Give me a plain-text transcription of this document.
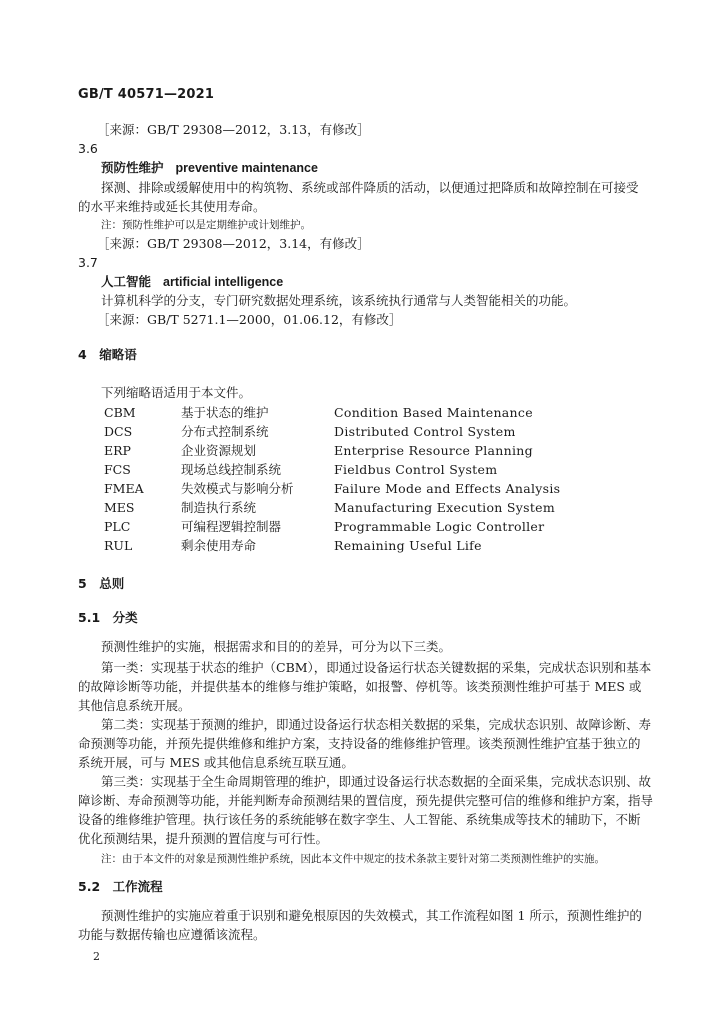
GB/T 40571—2021
［来源：GB/T 29308—2012，3.13，有修改］
3.6
预防性维护 preventive maintenance
探测、排除或缓解使用中的构筑物、系统或部件降质的活动，以便通过把降质和故障控制在可接受
的水平来维持或延长其使用寿命。
注：预防性维护可以是定期维护或计划维护。
［来源：GB/T 29308—2012，3.14，有修改］
3.7
人工智能 artificial intelligence
计算机科学的分支，专门研究数据处理系统，该系统执行通常与人类智能相关的功能。
［来源：GB/T 5271.1—2000，01.06.12，有修改］
4　缩略语
下列缩略语适用于本文件。
CBM	基于状态的维护	Condition Based Maintenance
DCS	分布式控制系统	Distributed Control System
ERP	企业资源规划	Enterprise Resource Planning
FCS	现场总线控制系统	Fieldbus Control System
FMEA	失效模式与影响分析	Failure Mode and Effects Analysis
MES	制造执行系统	Manufacturing Execution System
PLC	可编程逻辑控制器	Programmable Logic Controller
RUL	剩余使用寿命	Remaining Useful Life
5　总则
5.1　分类
预测性维护的实施，根据需求和目的的差异，可分为以下三类。
第一类：实现基于状态的维护（CBM），即通过设备运行状态关键数据的采集，完成状态识别和基本
的故障诊断等功能，并提供基本的维修与维护策略，如报警、停机等。该类预测性维护可基于 MES 或
其他信息系统开展。
第二类：实现基于预测的维护，即通过设备运行状态相关数据的采集，完成状态识别、故障诊断、寿
命预测等功能，并预先提供维修和维护方案，支持设备的维修维护管理。该类预测性维护宜基于独立的
系统开展，可与 MES 或其他信息系统互联互通。
第三类：实现基于全生命周期管理的维护，即通过设备运行状态数据的全面采集，完成状态识别、故
障诊断、寿命预测等功能，并能判断寿命预测结果的置信度，预先提供完整可信的维修和维护方案，指导
设备的维修维护管理。执行该任务的系统能够在数字孪生、人工智能、系统集成等技术的辅助下，不断
优化预测结果，提升预测的置信度与可行性。
注：由于本文件的对象是预测性维护系统，因此本文件中规定的技术条款主要针对第二类预测性维护的实施。
5.2　工作流程
预测性维护的实施应着重于识别和避免根原因的失效模式，其工作流程如图 1 所示，预测性维护的
功能与数据传输也应遵循该流程。
2
